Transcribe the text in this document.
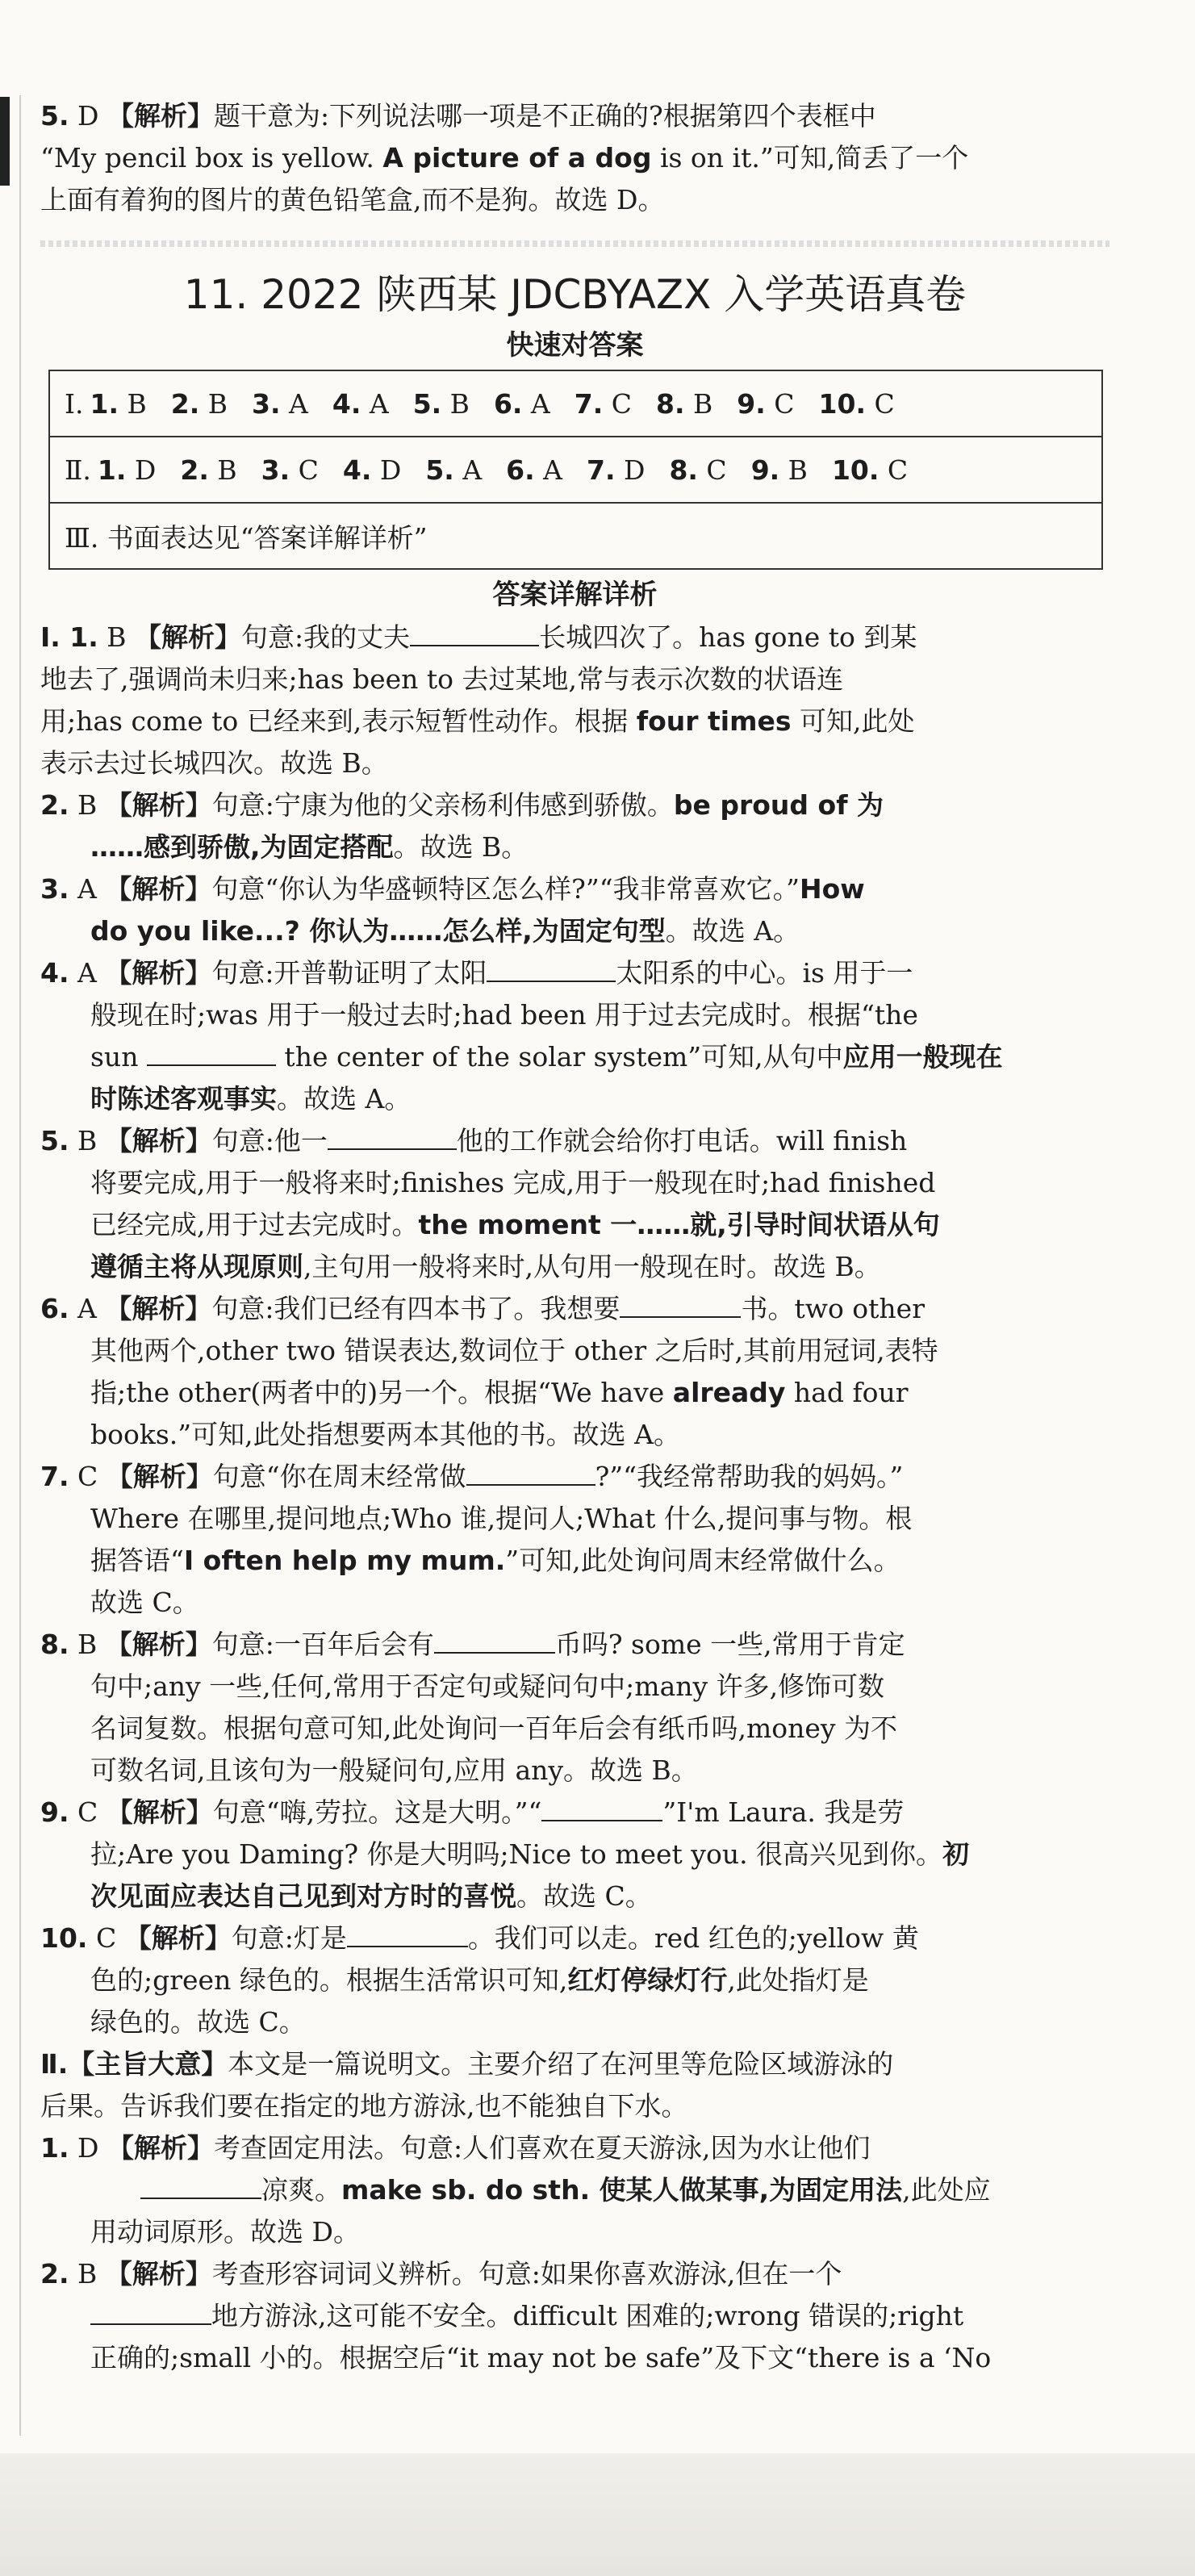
5. D 【解析】题干意为:下列说法哪一项是不正确的?根据第四个表框中
“My pencil box is yellow. A picture of a dog is on it.”可知,简丢了一个
上面有着狗的图片的黄色铅笔盒,而不是狗。故选 D。

11. 2022 陕西某 JDCBYAZX 入学英语真卷
快速对答案
Ⅰ. 1. B 2. B 3. A 4. A 5. B 6. A 7. C 8. B 9. C 10. C
Ⅱ. 1. D 2. B 3. C 4. D 5. A 6. A 7. D 8. C 9. B 10. C
Ⅲ. 书面表达见“答案详解详析”
答案详解详析

Ⅰ. 1. B 【解析】句意:我的丈夫	长城四次了。has gone to 到某
地去了,强调尚未归来;has been to 去过某地,常与表示次数的状语连
用;has come to 已经来到,表示短暂性动作。根据 four times 可知,此处
表示去过长城四次。故选 B。

2. B 【解析】句意:宁康为他的父亲杨利伟感到骄傲。be proud of 为
……感到骄傲,为固定搭配。故选 B。

3. A 【解析】句意“你认为华盛顿特区怎么样?”“我非常喜欢它。”How
do you like...? 你认为……怎么样,为固定句型。故选 A。

4. A 【解析】句意:开普勒证明了太阳	太阳系的中心。is 用于一
般现在时;was 用于一般过去时;had been 用于过去完成时。根据“the
sun	the center of the solar system”可知,从句中应用一般现在
时陈述客观事实。故选 A。

5. B 【解析】句意:他一	他的工作就会给你打电话。will finish
将要完成,用于一般将来时;finishes 完成,用于一般现在时;had finished
已经完成,用于过去完成时。the moment 一……就,引导时间状语从句
遵循主将从现原则,主句用一般将来时,从句用一般现在时。故选 B。

6. A 【解析】句意:我们已经有四本书了。我想要	书。two other
其他两个,other two 错误表达,数词位于 other 之后时,其前用冠词,表特
指;the other(两者中的)另一个。根据“We have already had four
books.”可知,此处指想要两本其他的书。故选 A。

7. C 【解析】句意“你在周末经常做	?”“我经常帮助我的妈妈。”
Where 在哪里,提问地点;Who 谁,提问人;What 什么,提问事与物。根
据答语“I often help my mum.”可知,此处询问周末经常做什么。
故选 C。

8. B 【解析】句意:一百年后会有	币吗? some 一些,常用于肯定
句中;any 一些,任何,常用于否定句或疑问句中;many 许多,修饰可数
名词复数。根据句意可知,此处询问一百年后会有纸币吗,money 为不
可数名词,且该句为一般疑问句,应用 any。故选 B。

9. C 【解析】句意“嗨,劳拉。这是大明。”“	”I'm Laura. 我是劳
拉;Are you Daming? 你是大明吗;Nice to meet you. 很高兴见到你。初
次见面应表达自己见到对方时的喜悦。故选 C。

10. C 【解析】句意:灯是	。我们可以走。red 红色的;yellow 黄
色的;green 绿色的。根据生活常识可知,红灯停绿灯行,此处指灯是
绿色的。故选 C。

Ⅱ.【主旨大意】本文是一篇说明文。主要介绍了在河里等危险区域游泳的
后果。告诉我们要在指定的地方游泳,也不能独自下水。

1. D 【解析】考查固定用法。句意:人们喜欢在夏天游泳,因为水让他们
凉爽。make sb. do sth. 使某人做某事,为固定用法,此处应
用动词原形。故选 D。

2. B 【解析】考查形容词词义辨析。句意:如果你喜欢游泳,但在一个
地方游泳,这可能不安全。difficult 困难的;wrong 错误的;right
正确的;small 小的。根据空后“it may not be safe”及下文“there is a ‘No
